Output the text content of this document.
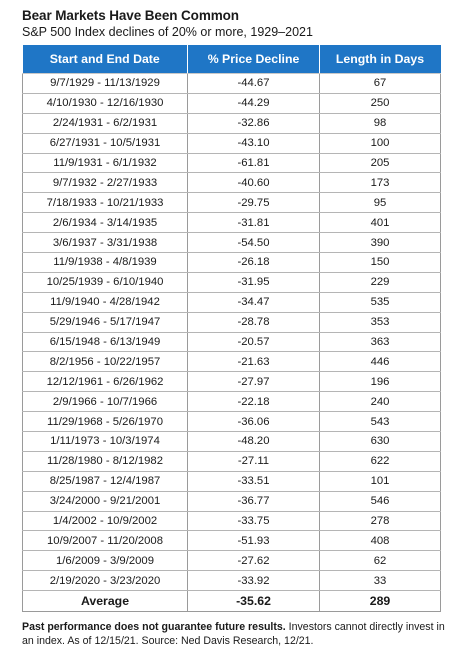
Bear Markets Have Been Common

S&P 500 Index declines of 20% or more, 1929–2021

Start and End Date	% Price Decline	Length in Days
9/7/1929 - 11/13/1929	-44.67	67
4/10/1930 - 12/16/1930	-44.29	250
2/24/1931 - 6/2/1931	-32.86	98
6/27/1931 - 10/5/1931	-43.10	100
11/9/1931 - 6/1/1932	-61.81	205
9/7/1932 - 2/27/1933	-40.60	173
7/18/1933 - 10/21/1933	-29.75	95
2/6/1934 - 3/14/1935	-31.81	401
3/6/1937 - 3/31/1938	-54.50	390
11/9/1938 - 4/8/1939	-26.18	150
10/25/1939 - 6/10/1940	-31.95	229
11/9/1940 - 4/28/1942	-34.47	535
5/29/1946 - 5/17/1947	-28.78	353
6/15/1948 - 6/13/1949	-20.57	363
8/2/1956 - 10/22/1957	-21.63	446
12/12/1961 - 6/26/1962	-27.97	196
2/9/1966 - 10/7/1966	-22.18	240
11/29/1968 - 5/26/1970	-36.06	543
1/11/1973 - 10/3/1974	-48.20	630
11/28/1980 - 8/12/1982	-27.11	622
8/25/1987 - 12/4/1987	-33.51	101
3/24/2000 - 9/21/2001	-36.77	546
1/4/2002 - 10/9/2002	-33.75	278
10/9/2007 - 11/20/2008	-51.93	408
1/6/2009 - 3/9/2009	-27.62	62
2/19/2020 - 3/23/2020	-33.92	33
Average	-35.62	289

Past performance does not guarantee future results. Investors cannot directly invest in an index. As of 12/15/21. Source: Ned Davis Research, 12/21.
